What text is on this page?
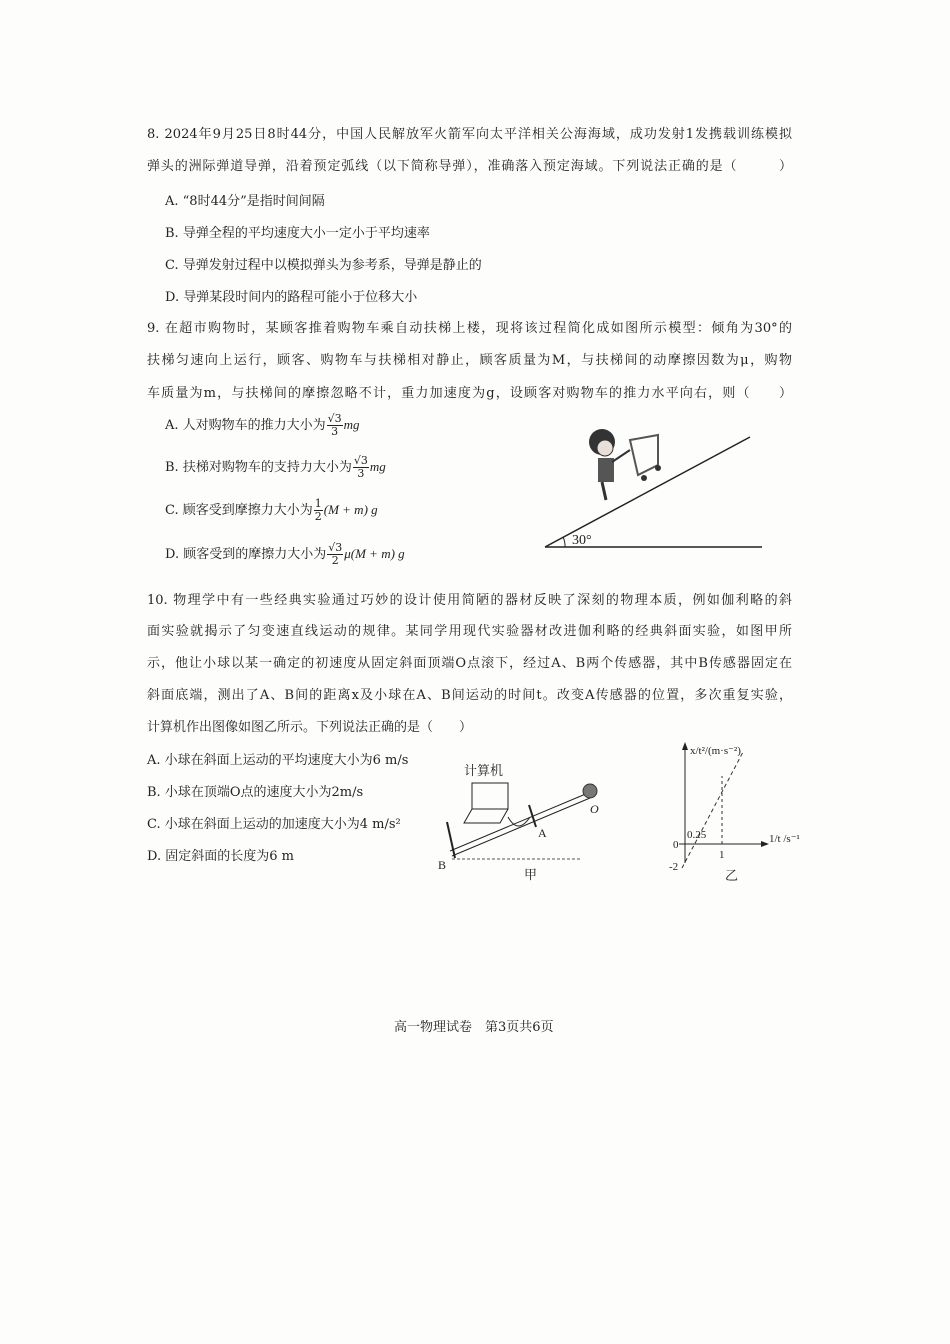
8. 2024年9月25日8时44分，中国人民解放军火箭军向太平洋相关公海海域，成功发射1发携载训练模拟
弹头的洲际弹道导弹，沿着预定弧线（以下简称导弹），准确落入预定海域。下列说法正确的是（　　　）
A. “8时44分”是指时间间隔
B. 导弹全程的平均速度大小一定小于平均速率
C. 导弹发射过程中以模拟弹头为参考系，导弹是静止的
D. 导弹某段时间内的路程可能小于位移大小
9. 在超市购物时，某顾客推着购物车乘自动扶梯上楼，现将该过程简化成如图所示模型：倾角为30°的
扶梯匀速向上运行，顾客、购物车与扶梯相对静止，顾客质量为M，与扶梯间的动摩擦因数为μ，购物
车质量为m，与扶梯间的摩擦忽略不计，重力加速度为g，设顾客对购物车的推力水平向右，则（　　）
A. 人对购物车的推力大小为 $\frac{√3}{3}$ mg
B. 扶梯对购物车的支持力大小为 $\frac{√3}{3}$ mg
C. 顾客受到摩擦力大小为 $\frac{1}{2} (M + m)$ g
D. 顾客受到的摩擦力大小为 $\frac{√3}{2} \mu(M + m)$ g
30°
10. 物理学中有一些经典实验通过巧妙的设计使用简陋的器材反映了深刻的物理本质，例如伽利略的斜
面实验就揭示了匀变速直线运动的规律。某同学用现代实验器材改进伽利略的经典斜面实验，如图甲所
示，他让小球以某一确定的初速度从固定斜面顶端O点滚下，经过A、B两个传感器，其中B传感器固定在
斜面底端，测出了A、B间的距离x及小球在A、B间运动的时间t。改变A传感器的位置，多次重复实验，
计算机作出图像如图乙所示。下列说法正确的是（　　）
A. 小球在斜面上运动的平均速度大小为6 m/s
B. 小球在顶端O点的速度大小为2m/s
C. 小球在斜面上运动的加速度大小为4 m/s²
D. 固定斜面的长度为6 m
计算机
A
B
O
甲
x/t²/(m·s⁻²)
1/t /s⁻¹
0
0.25
1
-2
乙
高一物理试卷　 第3页共6页
